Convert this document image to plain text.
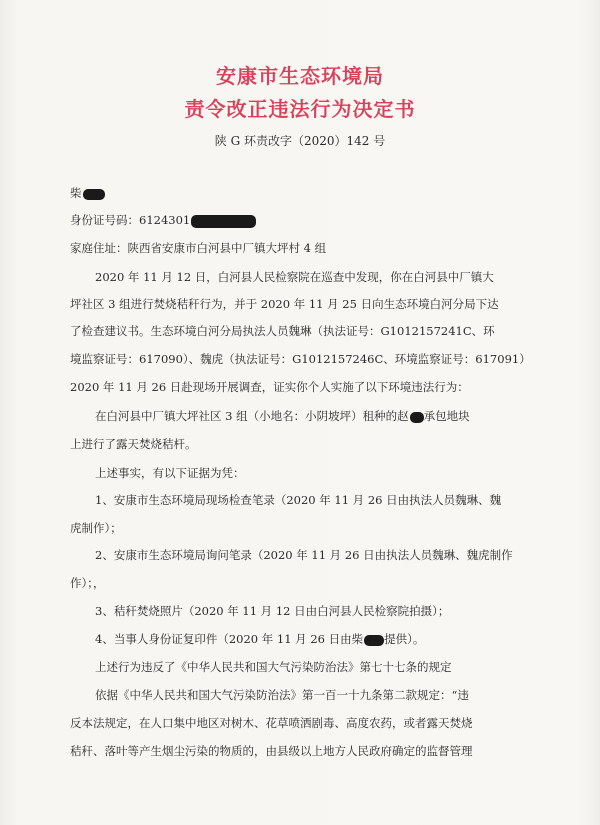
安康市生态环境局
责令改正违法行为决定书
陕 G 环责改字（2020）142 号
柴
身份证号码：6124301
家庭住址：陕西省安康市白河县中厂镇大坪村 4 组
2020 年 11 月 12 日，白河县人民检察院在巡查中发现，你在白河县中厂镇大
坪社区 3 组进行焚烧秸秆行为，并于 2020 年 11 月 25 日向生态环境白河分局下达
了检查建议书。生态环境白河分局执法人员魏琳（执法证号：G1012157241C、环
境监察证号：617090）、魏虎（执法证号：G1012157246C、环境监察证号：617091）
2020 年 11 月 26 日赴现场开展调查，证实你个人实施了以下环境违法行为：
在白河县中厂镇大坪社区 3 组（小地名：小阴坡坪）租种的赵 承包地块
上进行了露天焚烧秸杆。
上述事实，有以下证据为凭：
1、安康市生态环境局现场检查笔录（2020 年 11 月 26 日由执法人员魏琳、魏
虎制作）；
2、安康市生态环境局询问笔录（2020 年 11 月 26 日由执法人员魏琳、魏虎制作
作）；，
3、秸秆焚烧照片（2020 年 11 月 12 日由白河县人民检察院拍摄）；
4、当事人身份证复印件（2020 年 11 月 26 日由柴 提供）。
上述行为违反了《中华人民共和国大气污染防治法》第七十七条的规定
依据《中华人民共和国大气污染防治法》第一百一十九条第二款规定：“违
反本法规定，在人口集中地区对树木、花草喷洒剧毒、高度农药，或者露天焚烧
秸秆、落叶等产生烟尘污染的物质的，由县级以上地方人民政府确定的监督管理
